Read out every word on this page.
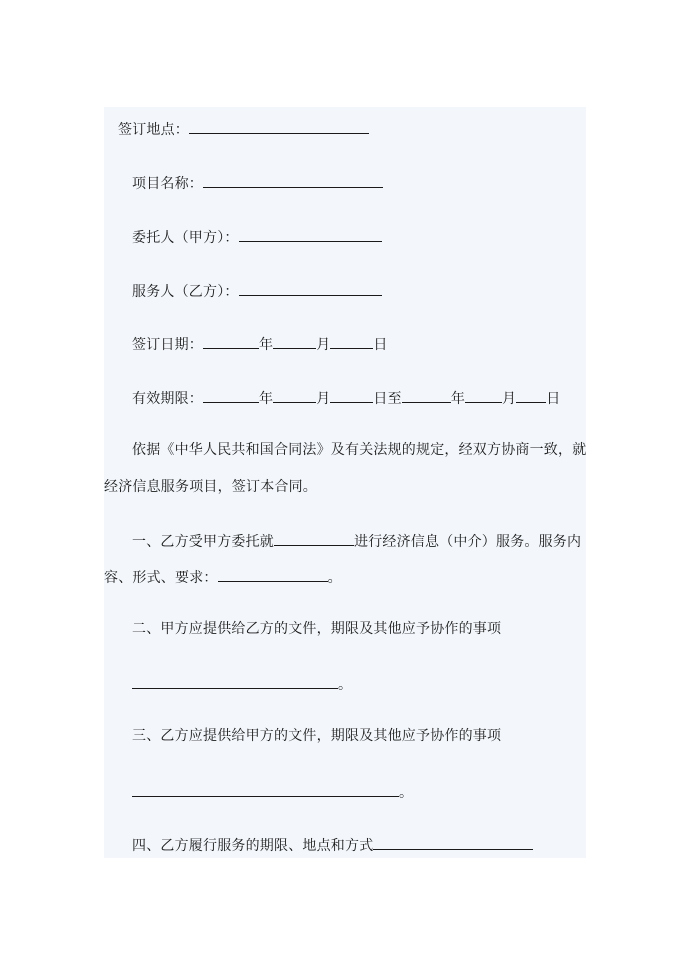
签订地点：
项目名称：
委托人（甲方）：
服务人（乙方）：
签订日期：	年	月	日
有效期限：	年	月	日至	年	月 日
依据《中华人民共和国合同法》及有关法规的规定，经双方协商一致，就
经济信息服务项目，签订本合同。
一、乙方受甲方委托就	进行经济信息（中介）服务。服务内
容、形式、要求：	。
二、甲方应提供给乙方的文件，期限及其他应予协作的事项
。
三、乙方应提供给甲方的文件，期限及其他应予协作的事项
。
四、乙方履行服务的期限、地点和方式
